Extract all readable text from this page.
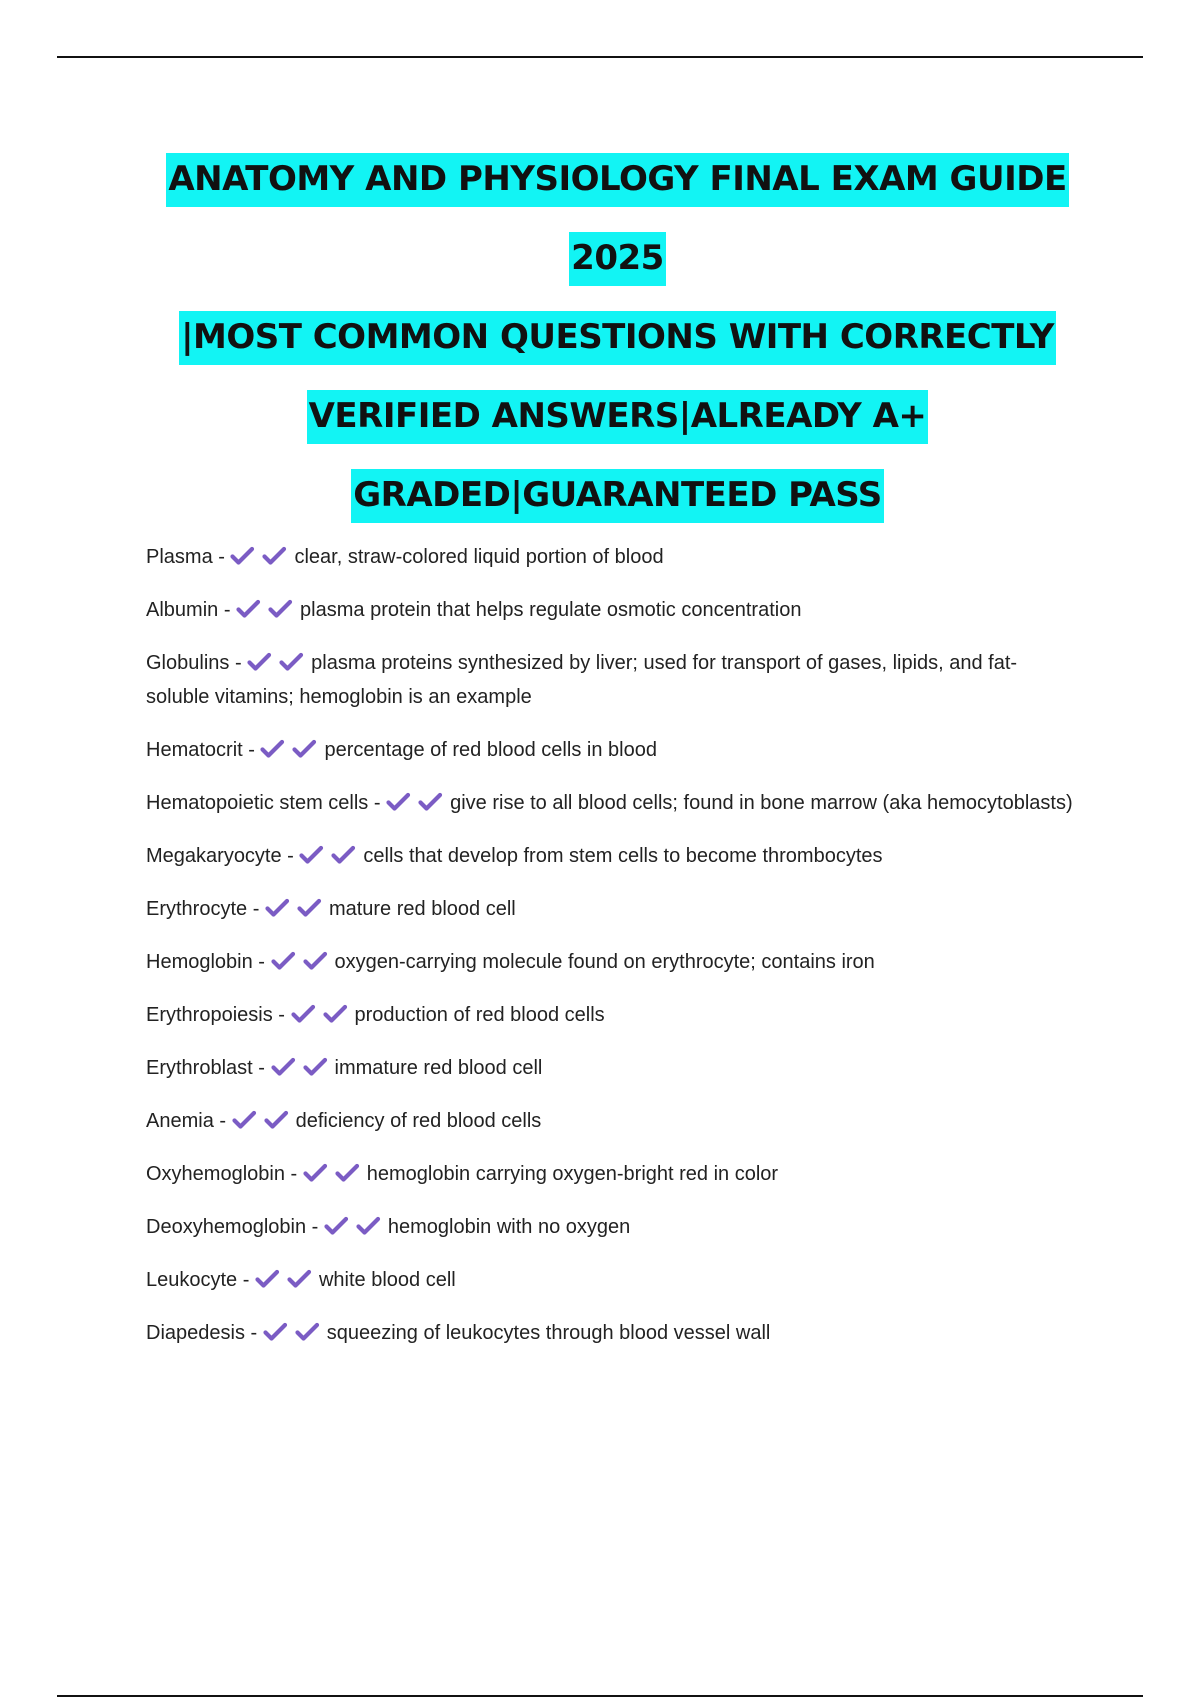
ANATOMY AND PHYSIOLOGY FINAL EXAM GUIDE
2025
|MOST COMMON QUESTIONS WITH CORRECTLY
VERIFIED ANSWERS|ALREADY A+
GRADED|GUARANTEED PASS
Plasma -	clear, straw-colored liquid portion of blood
Albumin -	plasma protein that helps regulate osmotic concentration
Globulins -	plasma proteins synthesized by liver; used for transport of gases, lipids, and fat-soluble vitamins; hemoglobin is an example
Hematocrit -	percentage of red blood cells in blood
Hematopoietic stem cells -	give rise to all blood cells; found in bone marrow (aka hemocytoblasts)
Megakaryocyte -	cells that develop from stem cells to become thrombocytes
Erythrocyte -	mature red blood cell
Hemoglobin -	oxygen-carrying molecule found on erythrocyte; contains iron
Erythropoiesis -	production of red blood cells
Erythroblast -	immature red blood cell
Anemia -	deficiency of red blood cells
Oxyhemoglobin -	hemoglobin carrying oxygen-bright red in color
Deoxyhemoglobin -	hemoglobin with no oxygen
Leukocyte -	white blood cell
Diapedesis -	squeezing of leukocytes through blood vessel wall
